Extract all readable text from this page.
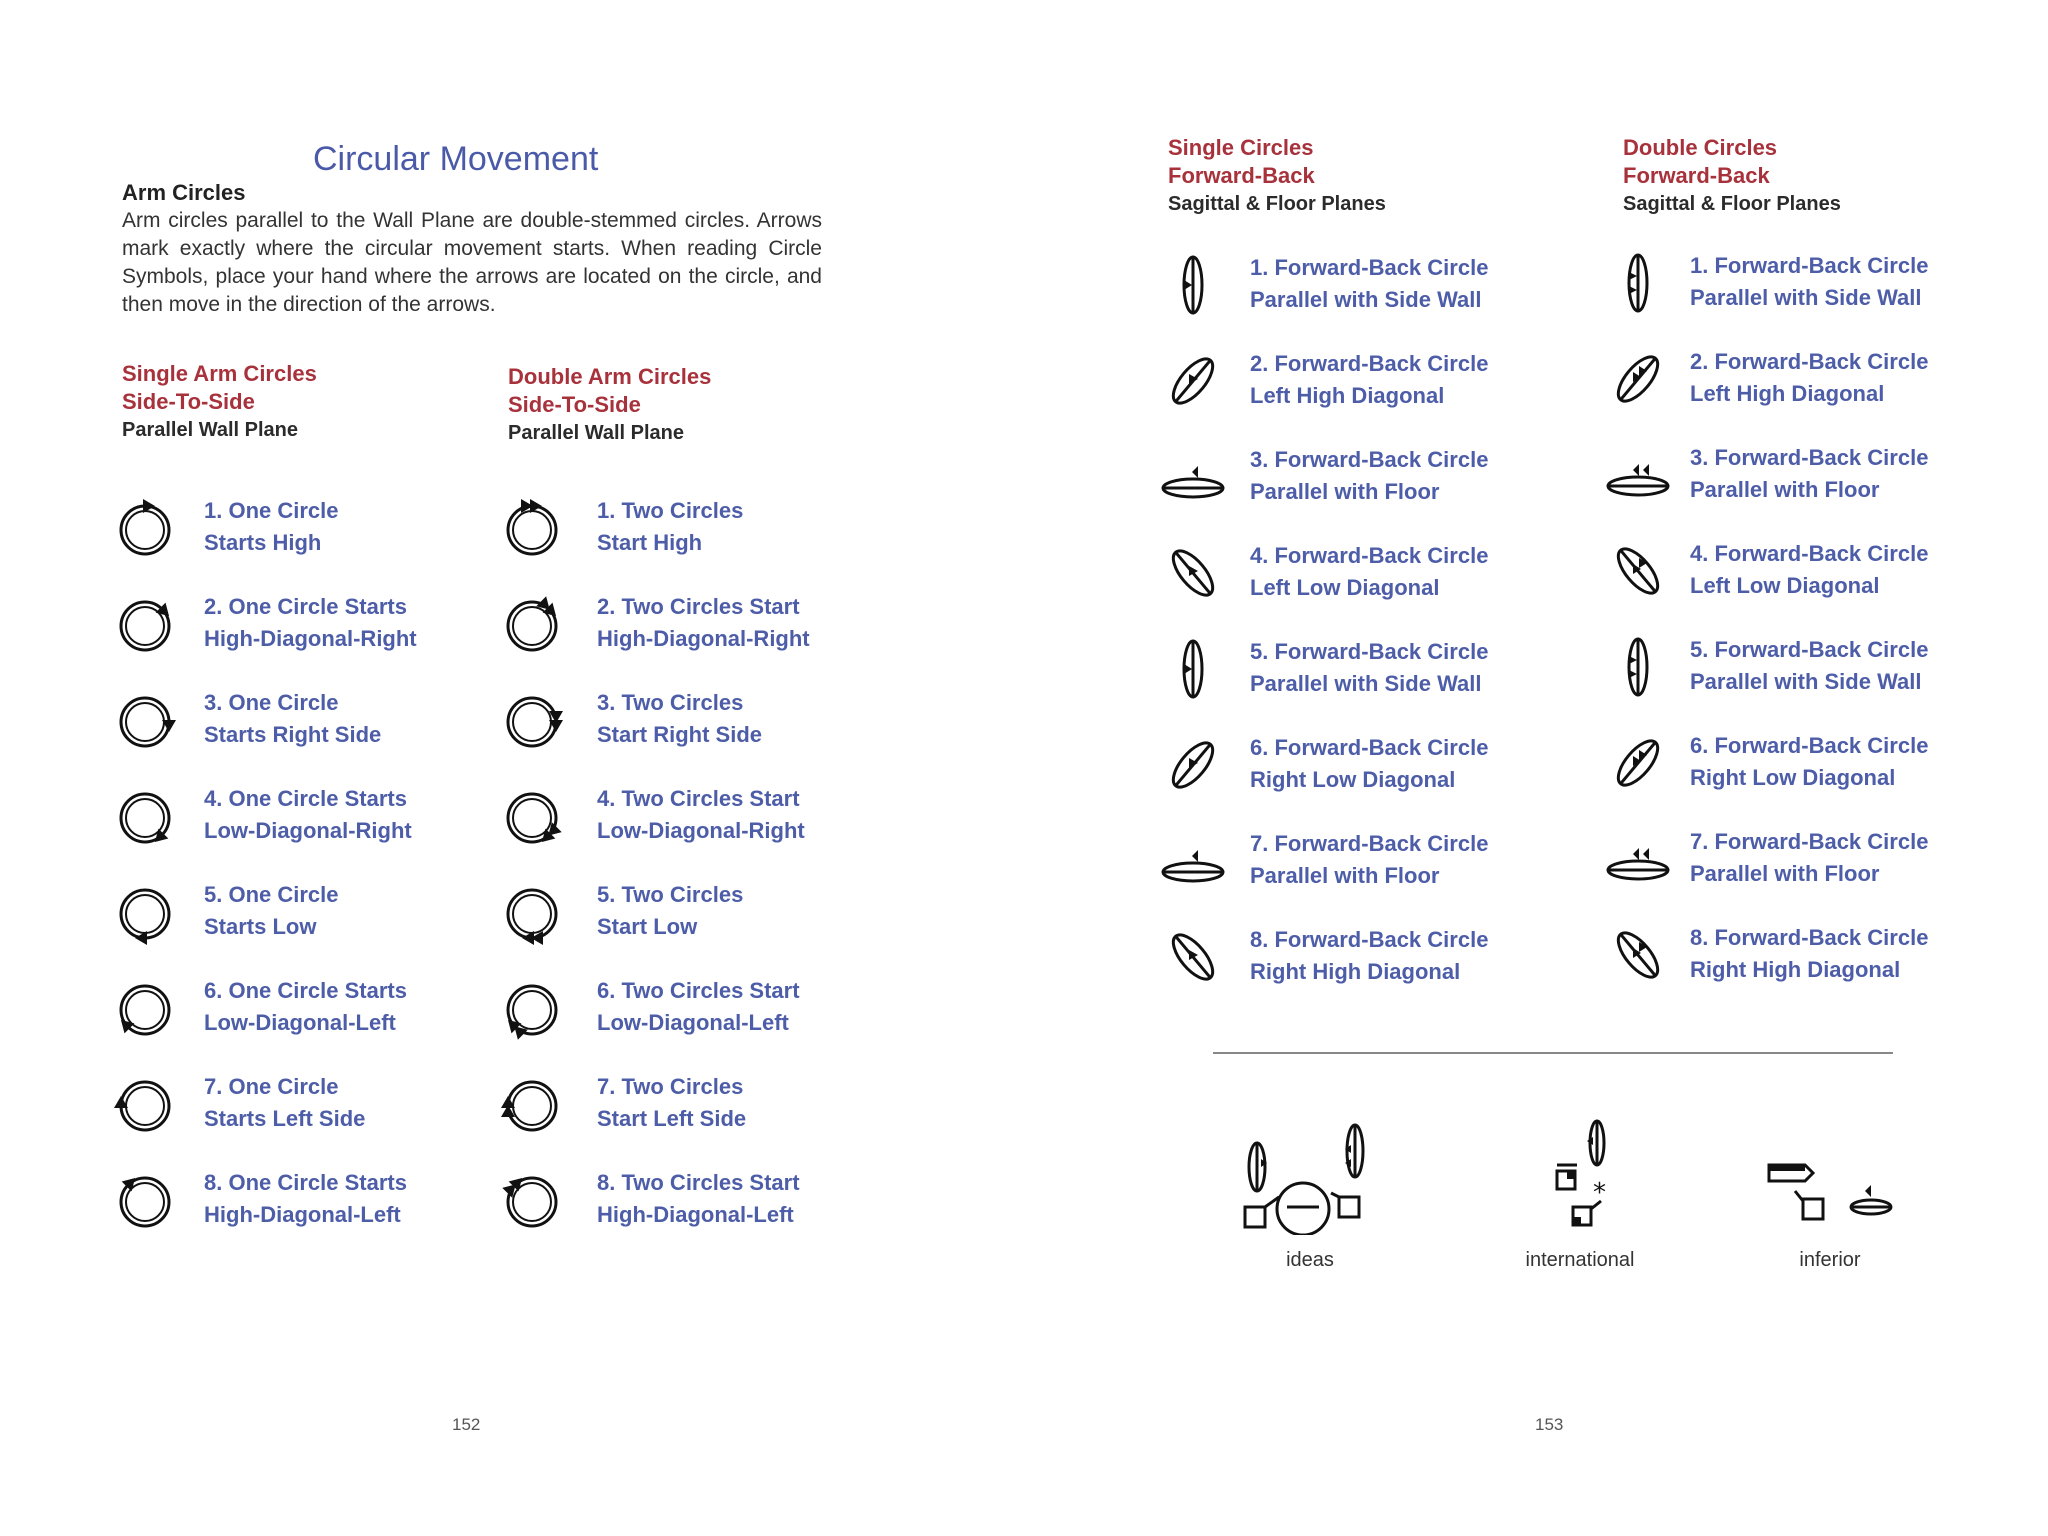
Circular Movement
Arm Circles
Arm circles parallel to the Wall Plane are double-stemmed circles. Arrows mark exactly where the circular movement starts. When reading Circle Symbols, place your hand where the arrows are located on the circle, and then move in the direction of the arrows.
Single Arm Circles
Side-To-Side
Parallel Wall Plane
Double Arm Circles
Side-To-Side
Parallel Wall Plane
1. One Circle
Starts High
2. One Circle Starts
High-Diagonal-Right
3. One Circle
Starts Right Side
4. One Circle Starts
Low-Diagonal-Right
5. One Circle
Starts Low
6. One Circle Starts
Low-Diagonal-Left
7. One Circle
Starts Left Side
8. One Circle Starts
High-Diagonal-Left
1. Two Circles
Start High
2. Two Circles Start
High-Diagonal-Right
3. Two Circles
Start Right Side
4. Two Circles Start
Low-Diagonal-Right
5. Two Circles
Start Low
6. Two Circles Start
Low-Diagonal-Left
7. Two Circles
Start Left Side
8. Two Circles Start
High-Diagonal-Left
152
Single Circles
Forward-Back
Sagittal & Floor Planes
Double Circles
Forward-Back
Sagittal & Floor Planes
1. Forward-Back Circle
Parallel with Side Wall
2. Forward-Back Circle
Left High Diagonal
3. Forward-Back Circle
Parallel with Floor
4. Forward-Back Circle
Left Low Diagonal
5. Forward-Back Circle
Parallel with Side Wall
6. Forward-Back Circle
Right Low Diagonal
7. Forward-Back Circle
Parallel with Floor
8. Forward-Back Circle
Right High Diagonal
1. Forward-Back Circle
Parallel with Side Wall
2. Forward-Back Circle
Left High Diagonal
3. Forward-Back Circle
Parallel with Floor
4. Forward-Back Circle
Left Low Diagonal
5. Forward-Back Circle
Parallel with Side Wall
6. Forward-Back Circle
Right Low Diagonal
7. Forward-Back Circle
Parallel with Floor
8. Forward-Back Circle
Right High Diagonal
ideas
*
international	inferior
153
